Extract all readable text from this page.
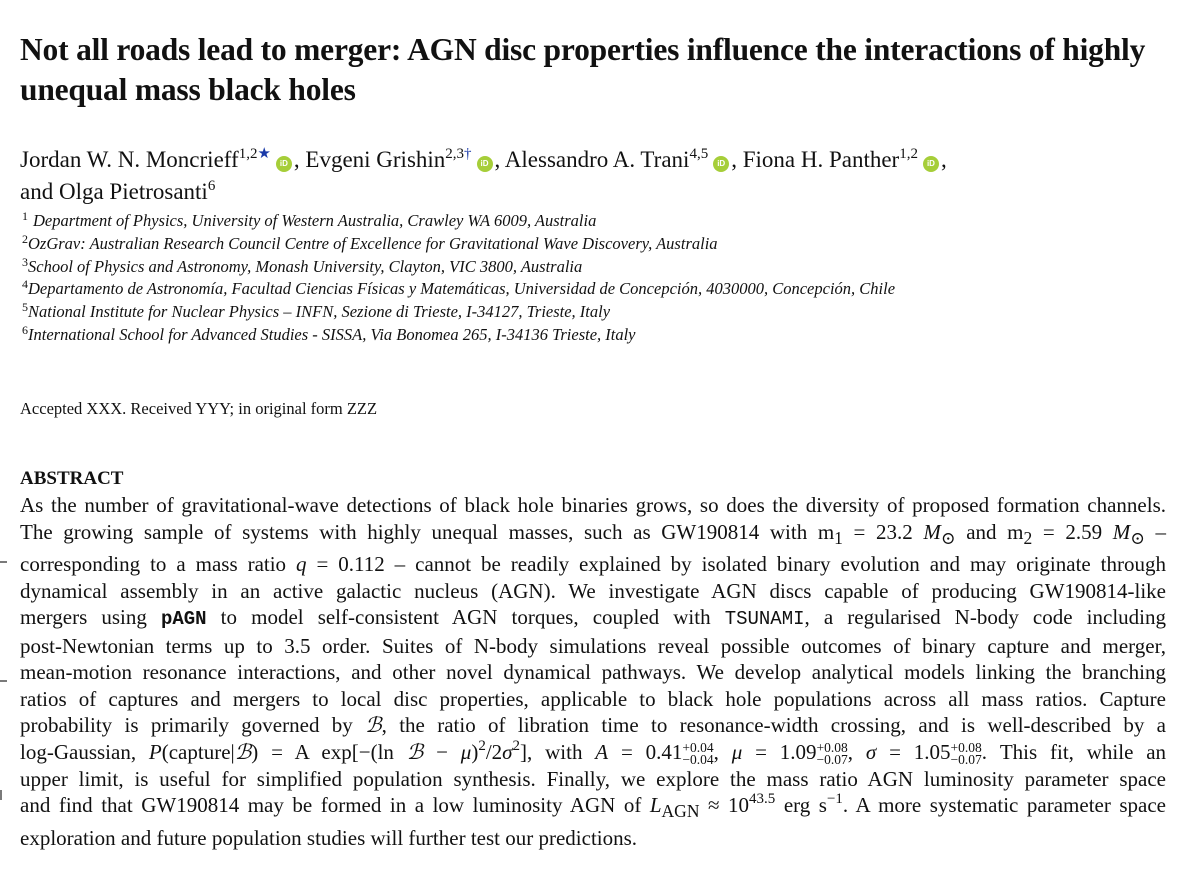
Not all roads lead to merger: AGN disc properties influence the interactions of highly unequal mass black holes
Jordan W. N. Moncrieff$^{1,2★}$iD , Evgeni Grishin$^{2,3\dagger}$iD , Alessandro A. Trani$^{4,5}$iD , Fiona H. Panther$^{1,2}$iD ,
and Olga Pietrosanti$^6$
$^1$ Department of Physics, University of Western Australia, Crawley WA 6009, Australia
$^2$OzGrav: Australian Research Council Centre of Excellence for Gravitational Wave Discovery, Australia
$^3$School of Physics and Astronomy, Monash University, Clayton, VIC 3800, Australia
$^4$Departamento de Astronomía, Facultad Ciencias Físicas y Matemáticas, Universidad de Concepción, 4030000, Concepción, Chile
$^5$National Institute for Nuclear Physics – INFN, Sezione di Trieste, I-34127, Trieste, Italy
$^6$International School for Advanced Studies - SISSA, Via Bonomea 265, I-34136 Trieste, Italy
Accepted XXX. Received YYY; in original form ZZZ
ABSTRACT

As the number of gravitational-wave detections of black hole binaries grows, so does the diversity of proposed formation channels.
The growing sample of systems with highly unequal masses, such as GW190814 with $m_1 = 23.2$ $M_⊙$ and $m_2 = 2.59$ $M_⊙$ –
corresponding to a mass ratio q = 0.112 – cannot be readily explained by isolated binary evolution and may originate through
dynamical assembly in an active galactic nucleus (AGN). We investigate AGN discs capable of producing GW190814-like
mergers using pAGN to model self-consistent AGN torques, coupled with TSUNAMI, a regularised N-body code including
post-Newtonian terms up to 3.5 order. Suites of N-body simulations reveal possible outcomes of binary capture and merger,
mean-motion resonance interactions, and other novel dynamical pathways. We develop analytical models linking the branching
ratios of captures and mergers to local disc properties, applicable to black hole populations across all mass ratios. Capture
probability is primarily governed by ℬ, the ratio of libration time to resonance-width crossing, and is well-described by a
log-Gaussian, P(capture|ℬ) = A exp[−(ln ℬ − $\mu)^2/2\sigma^2$], with A = 0.41 +0.04
−0.04 , μ = 1.09 +0.08
−0.07 , σ = 1.05 +0.08
−0.07 . This fit, while an
upper limit, is useful for simplified population synthesis. Finally, we explore the mass ratio AGN luminosity parameter space
and find that GW190814 may be formed in a low luminosity AGN of $L_{AGN} \approx 10^{43.5}$ erg $s^{-1}$. A more systematic parameter space
exploration and future population studies will further test our predictions.
